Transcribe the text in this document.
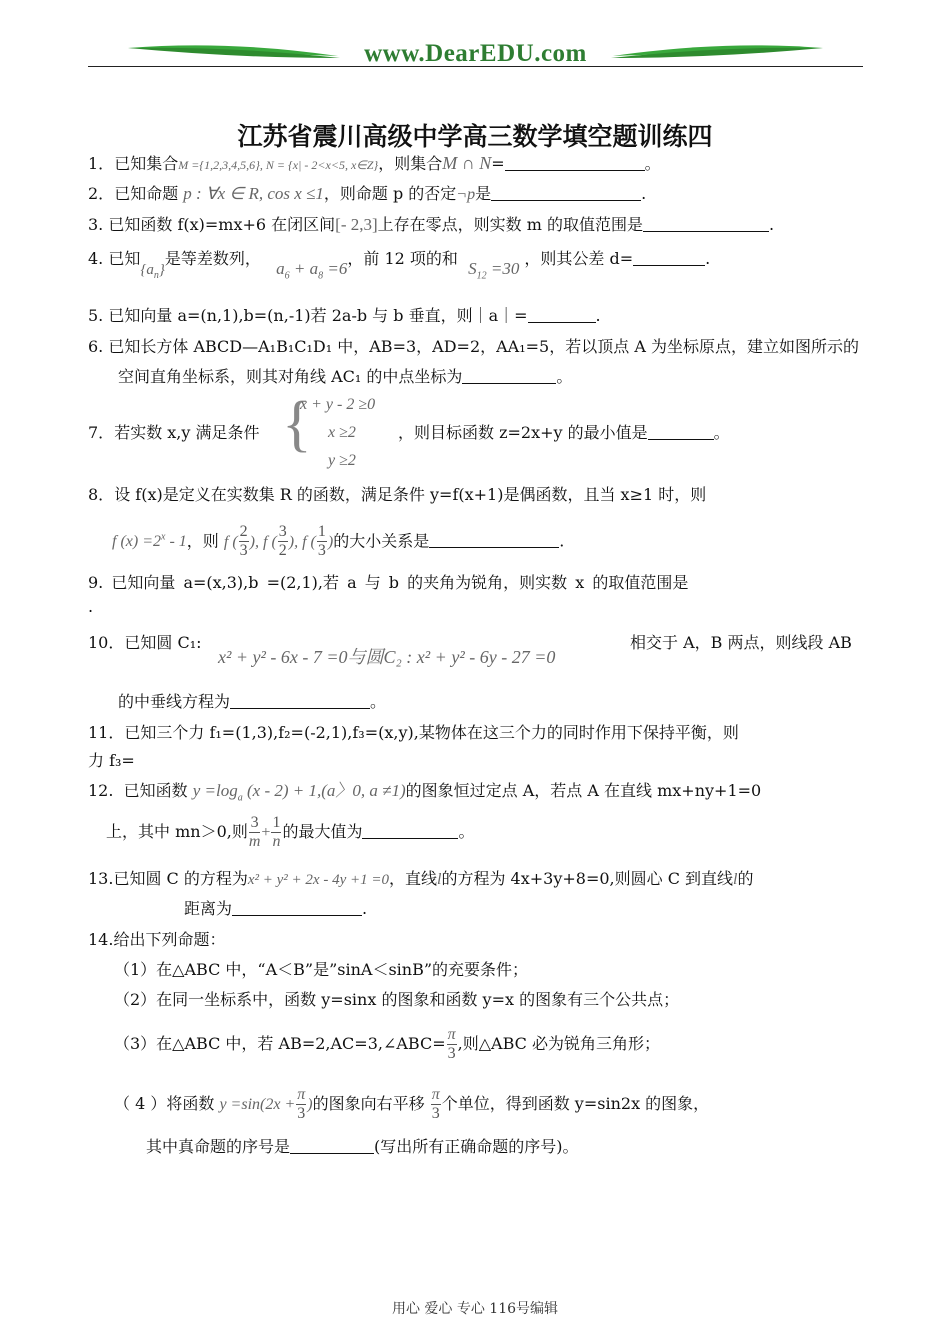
www.DearEDU.com
江苏省震川高级中学高三数学填空题训练四
1．已知集合M ={1,2,3,4,5,6}, N = {x| - 2<x<5, x∈Z}，则集合M ∩ N=	。
2．已知命题 p : ∀x ∈ R, cos x ≤1，则命题 p 的否定¬p是	.
3. 已知函数 f(x)=mx+6 在闭区间[- 2,3]上存在零点，则实数 m 的取值范围是	.
4. 已知$\{a_n\}$是等差数列，   $a_6 + a_8 =6$，前 12 项的和  $S_{12} =30$ ，则其公差 d=	.
5. 已知向量 a=(n,1),b=(n,-1)若 2a-b 与 b 垂直，则｜a｜=	.
6. 已知长方体 ABCD—A₁B₁C₁D₁ 中，AB=3，AD=2，AA₁=5，若以顶点 A 为坐标原点，建立如图所示的
空间直角坐标系，则其对角线 AC₁ 的中点坐标为	。
7．若实数 x,y 满足条件 {
x + y - 2 ≥0
x ≥2
y ≥2
，则目标函数 z=2x+y 的最小值是	。
8．设 f(x)是定义在实数集 R 的函数，满足条件 y=f(x+1)是偶函数，且当 x≥1 时，则
f $(x) =2^x - 1$，则 f ( $\frac{2}{3}$ ), f ( $\frac{3}{2}$ ), f ( $\frac{1}{3}$ )的大小关系是	.
9. 已知向量 a=(x,3),b =(2,1),若 a 与 b 的夹角为锐角，则实数 x 的取值范围是
.
10．已知圆 C₁:
x² + y² - 6x - 7 =0与圆C₂ : x² + y² - 6y - 27 =0
相交于 A，B 两点，则线段 AB
的中垂线方程为	。
11．已知三个力 f₁=(1,3),f₂=(-2,1),f₃=(x,y),某物体在这三个力的同时作用下保持平衡，则
力 f₃=
12. 已知函数 $y =\log_a$ (x - 2) + 1,(a〉0, a ≠1)的图象恒过定点 A，若点 A 在直线 mx+ny+1=0
上，其中 mn＞0,则 $\frac{3}{m} + \frac{1}{n}$ 的最大值为	。
13.已知圆 C 的方程为x² + y² + 2x - 4y +1 =0，直线l的方程为 4x+3y+8=0,则圆心 C 到直线l的
距离为	.
14.给出下列命题：
（1）在△ABC 中，“A＜B”是”sinA＜sinB”的充要条件；
（2）在同一坐标系中，函数 y=sinx 的图象和函数 y=x 的图象有三个公共点；
（3）在△ABC 中，若 AB=2,AC=3,∠ABC= $\frac{\pi}{3}$ ,则△ABC 必为锐角三角形；
（ 4 ）将函数 $y =\sin(2x + \frac{\pi}{3}$ )的图象向右平移 $\frac{\pi}{3}$ 个单位，得到函数 y=sin2x 的图象，
其中真命题的序号是	(写出所有正确命题的序号)。
用心 爱心 专心 116号编辑
